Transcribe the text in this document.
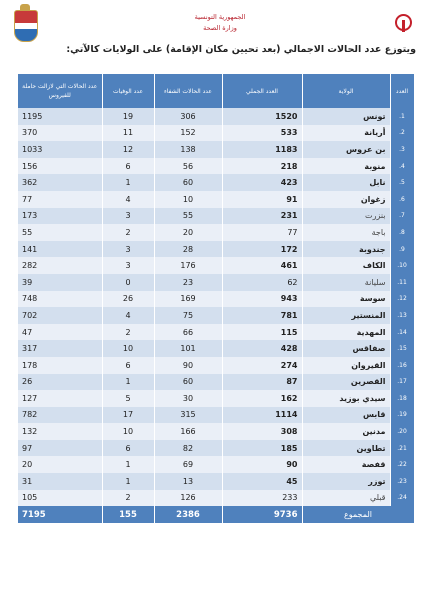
الجمهورية التونسية
وزارة الصحة
ويتوزع عدد الحالات الاجمالي (بعد تحيين مكان الإقامة) على الولايات كالآتي:
العدد	الولاية	العدد الجملي	عدد الحالات الشفاء	عدد الوفيات	عدد الحالات التي لازالت حاملة للفيروس
1.	تونس	1520	306	19	1195
2.	أريانة	533	152	11	370
3.	بن عروس	1183	138	12	1033
4.	منوبة	218	56	6	156
5.	نابل	423	60	1	362
6.	زغوان	91	10	4	77
7.	بنزرت	231	55	3	173
8.	باجة	77	20	2	55
9.	جندوبة	172	28	3	141
10.	الكاف	461	176	3	282
11.	سليانة	62	23	0	39
12.	سوسة	943	169	26	748
13.	المنستير	781	75	4	702
14.	المهدية	115	66	2	47
15.	صفاقس	428	101	10	317
16.	القيروان	274	90	6	178
17.	القصرين	87	60	1	26
18.	سيدي بوزيد	162	30	5	127
19.	قابس	1114	315	17	782
20.	مدنين	308	166	10	132
21.	تطاوين	185	82	6	97
22.	قفصة	90	69	1	20
23.	توزر	45	13	1	31
24.	قبلي	233	126	2	105
المجموع		9736	2386	155	7195
